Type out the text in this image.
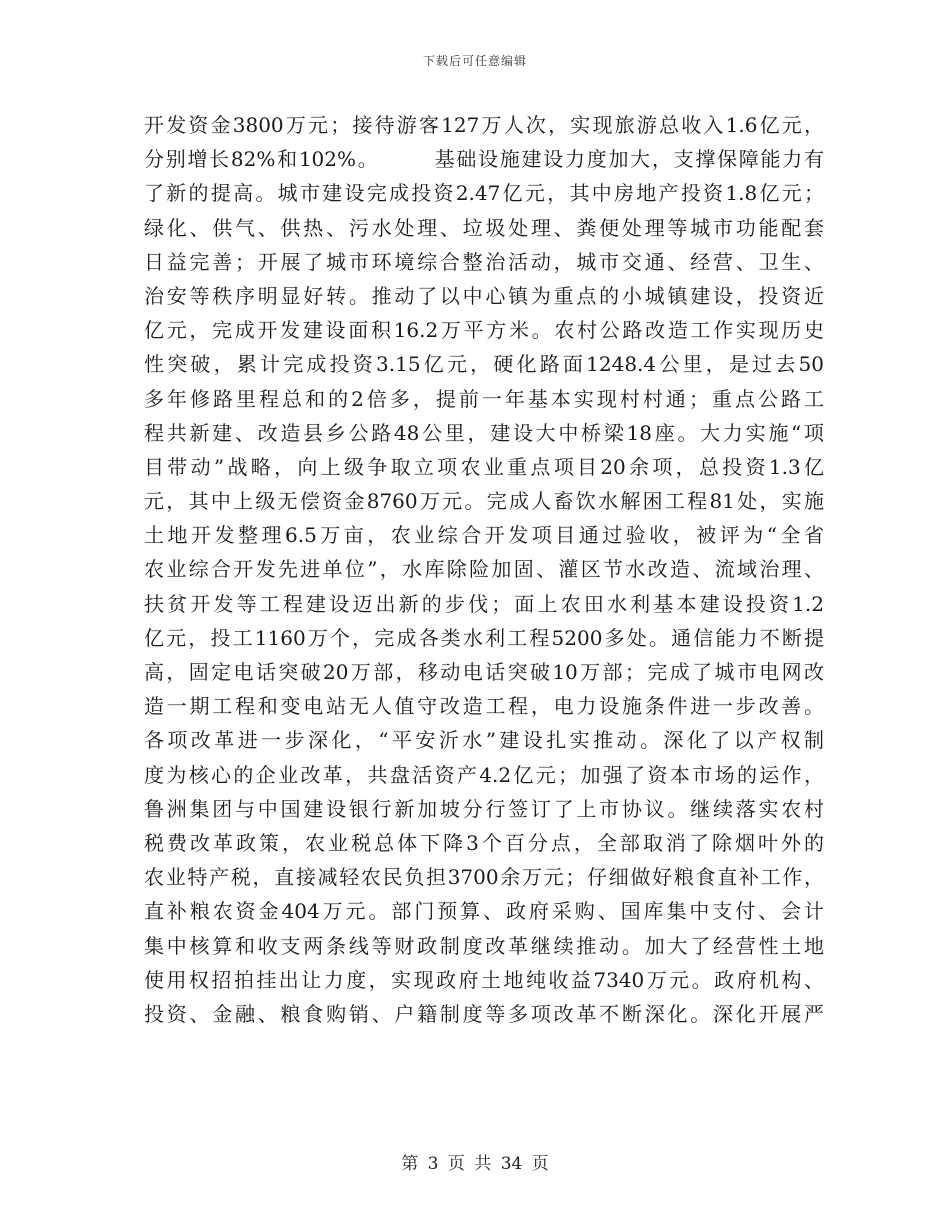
下载后可任意编辑
开发资金3800万元；接待游客127万人次，实现旅游总收入1.6亿元，
分别增长82%和102%。　　　基础设施建设力度加大，支撑保障能力有
了新的提高。城市建设完成投资2.47亿元，其中房地产投资1.8亿元；
绿化、供气、供热、污水处理、垃圾处理、粪便处理等城市功能配套
日益完善；开展了城市环境综合整治活动，城市交通、经营、卫生、
治安等秩序明显好转。推动了以中心镇为重点的小城镇建设，投资近
亿元，完成开发建设面积16.2万平方米。农村公路改造工作实现历史
性突破，累计完成投资3.15亿元，硬化路面1248.4公里，是过去50
多年修路里程总和的2倍多，提前一年基本实现村村通；重点公路工
程共新建、改造县乡公路48公里，建设大中桥梁18座。大力实施“项
目带动”战略，向上级争取立项农业重点项目20余项，总投资1.3亿
元，其中上级无偿资金8760万元。完成人畜饮水解困工程81处，实施
土地开发整理6.5万亩，农业综合开发项目通过验收，被评为“全省
农业综合开发先进单位”，水库除险加固、灌区节水改造、流域治理、
扶贫开发等工程建设迈出新的步伐；面上农田水利基本建设投资1.2
亿元，投工1160万个，完成各类水利工程5200多处。通信能力不断提
高，固定电话突破20万部，移动电话突破10万部；完成了城市电网改
造一期工程和变电站无人值守改造工程，电力设施条件进一步改善。
各项改革进一步深化，“平安沂水”建设扎实推动。深化了以产权制
度为核心的企业改革，共盘活资产4.2亿元；加强了资本市场的运作，
鲁洲集团与中国建设银行新加坡分行签订了上市协议。继续落实农村
税费改革政策，农业税总体下降3个百分点，全部取消了除烟叶外的
农业特产税，直接减轻农民负担3700余万元；仔细做好粮食直补工作，
直补粮农资金404万元。部门预算、政府采购、国库集中支付、会计
集中核算和收支两条线等财政制度改革继续推动。加大了经营性土地
使用权招拍挂出让力度，实现政府土地纯收益7340万元。政府机构、
投资、金融、粮食购销、户籍制度等多项改革不断深化。深化开展严
第 3 页 共 34 页
